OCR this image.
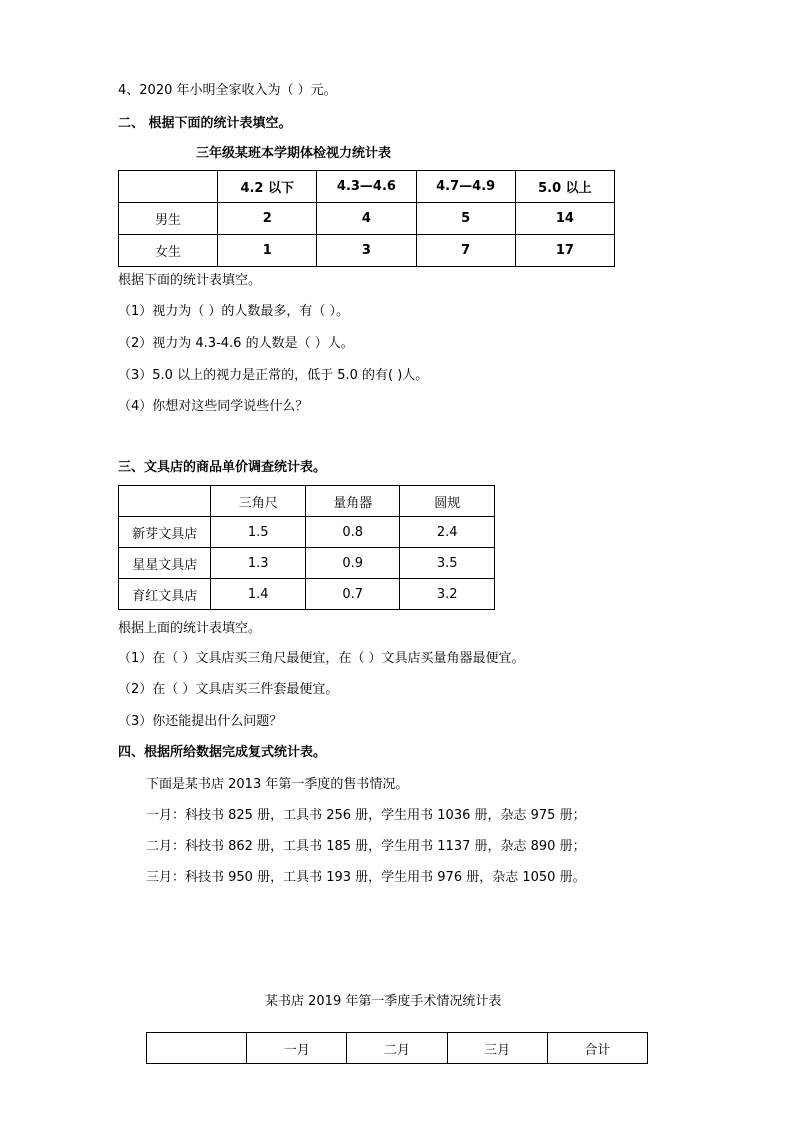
4、2020 年小明全家收入为（ ）元。
二、 根据下面的统计表填空。
三年级某班本学期体检视力统计表
	4.2 以下	4.3—4.6	4.7—4.9	5.0 以上
男生	2	4	5	14
女生	1	3	7	17
根据下面的统计表填空。
（1）视力为（ ）的人数最多，有（ ）。
（2）视力为 4.3-4.6 的人数是（ ）人。
（3）5.0 以上的视力是正常的，低于 5.0 的有( )人。
（4）你想对这些同学说些什么？
三、文具店的商品单价调查统计表。
	三角尺	量角器	圆规
新芽文具店	1.5	0.8	2.4
星星文具店	1.3	0.9	3.5
育红文具店	1.4	0.7	3.2
根据上面的统计表填空。
（1）在（ ）文具店买三角尺最便宜，在（ ）文具店买量角器最便宜。
（2）在（ ）文具店买三件套最便宜。
（3）你还能提出什么问题？
四、根据所给数据完成复式统计表。
下面是某书店 2013 年第一季度的售书情况。
一月：科技书 825 册，工具书 256 册，学生用书 1036 册，杂志 975 册；
二月：科技书 862 册，工具书 185 册，学生用书 1137 册，杂志 890 册；
三月：科技书 950 册，工具书 193 册，学生用书 976 册，杂志 1050 册。
某书店 2019 年第一季度手术情况统计表
	一月	二月	三月	合计
